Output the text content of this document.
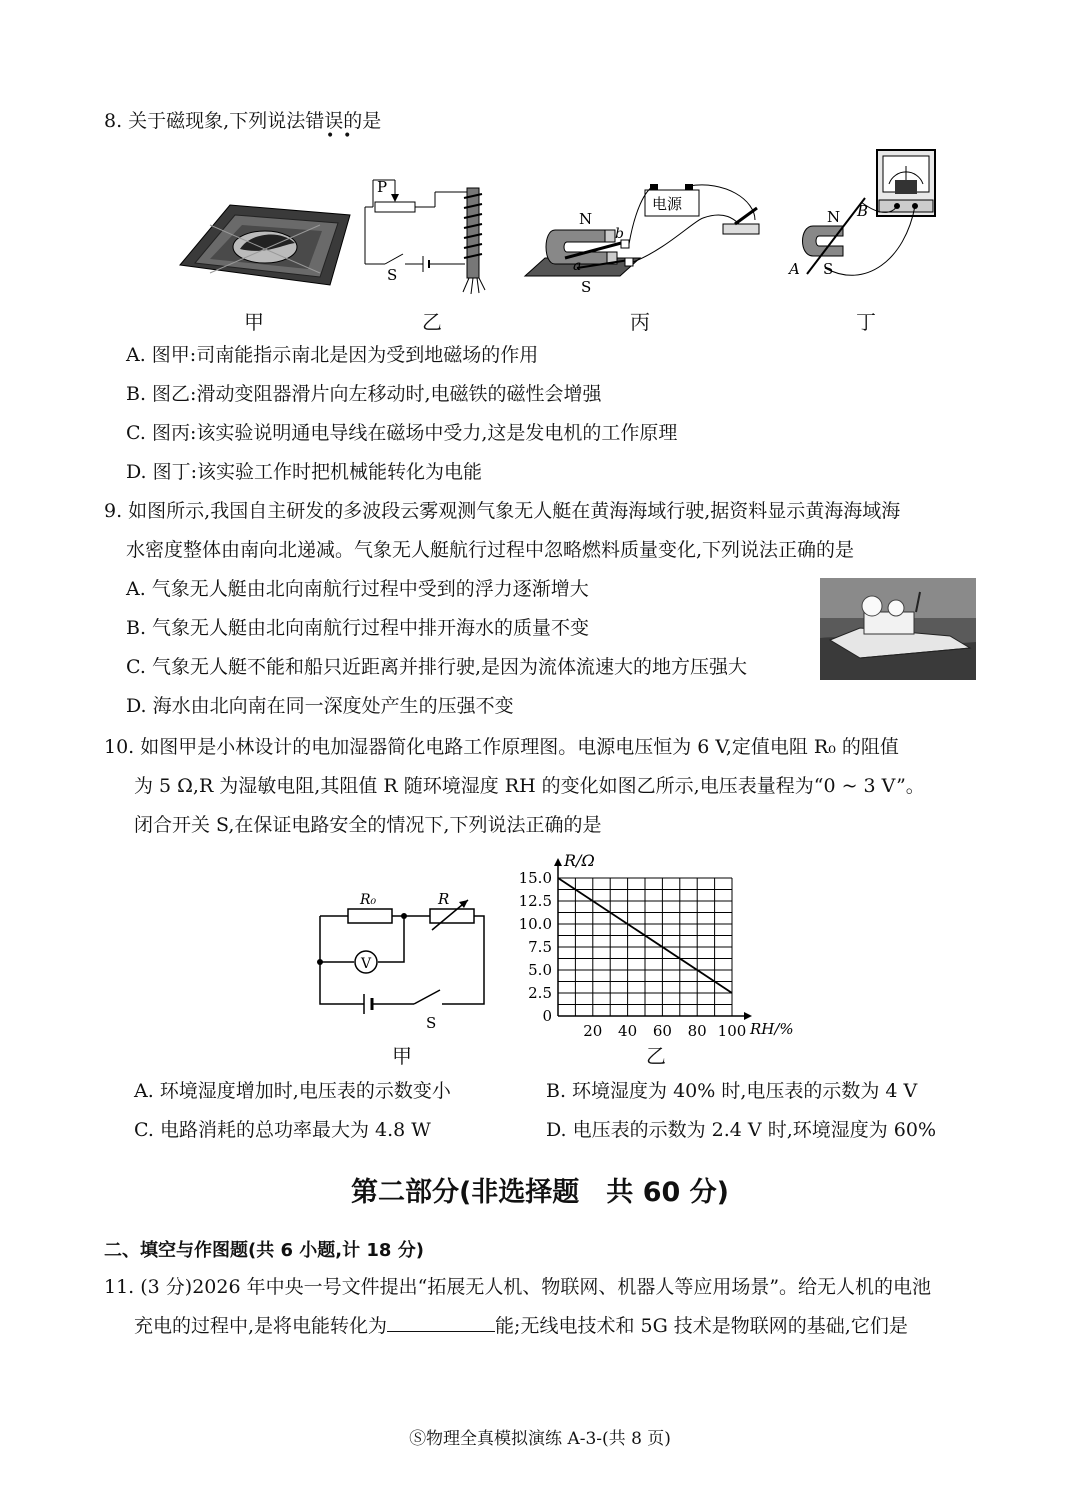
8. 关于磁现象,下列说法错误的是
•  •
P
S
电源
N
S
a
b
N
S
A
B
甲	乙	丙	丁
A. 图甲:司南能指示南北是因为受到地磁场的作用
B. 图乙:滑动变阻器滑片向左移动时,电磁铁的磁性会增强
C. 图丙:该实验说明通电导线在磁场中受力,这是发电机的工作原理
D. 图丁:该实验工作时把机械能转化为电能
9. 如图所示,我国自主研发的多波段云雾观测气象无人艇在黄海海域行驶,据资料显示黄海海域海
水密度整体由南向北递减。气象无人艇航行过程中忽略燃料质量变化,下列说法正确的是
A. 气象无人艇由北向南航行过程中受到的浮力逐渐增大
B. 气象无人艇由北向南航行过程中排开海水的质量不变
C. 气象无人艇不能和船只近距离并排行驶,是因为流体流速大的地方压强大
D. 海水由北向南在同一深度处产生的压强不变
10. 如图甲是小林设计的电加湿器简化电路工作原理图。电源电压恒为 6 V,定值电阻 R₀ 的阻值
为 5 Ω,R 为湿敏电阻,其阻值 R 随环境湿度 RH 的变化如图乙所示,电压表量程为“0 ~ 3 V”。
闭合开关 S,在保证电路安全的情况下,下列说法正确的是
V
R₀	R
S
甲
0
2.5
5.0
7.5
10.0
12.5
15.0
20 40 60 80 100
R/Ω
RH/%
乙
A. 环境湿度增加时,电压表的示数变小	B. 环境湿度为 40% 时,电压表的示数为 4 V
C. 电路消耗的总功率最大为 4.8 W	D. 电压表的示数为 2.4 V 时,环境湿度为 60%
第二部分(非选择题　共 60 分)
二、填空与作图题(共 6 小题,计 18 分)
11. (3 分)2026 年中央一号文件提出“拓展无人机、物联网、机器人等应用场景”。给无人机的电池
充电的过程中,是将电能转化为	能;无线电技术和 5G 技术是物联网的基础,它们是
Ⓢ物理全真模拟演练 A-3-(共 8 页)
